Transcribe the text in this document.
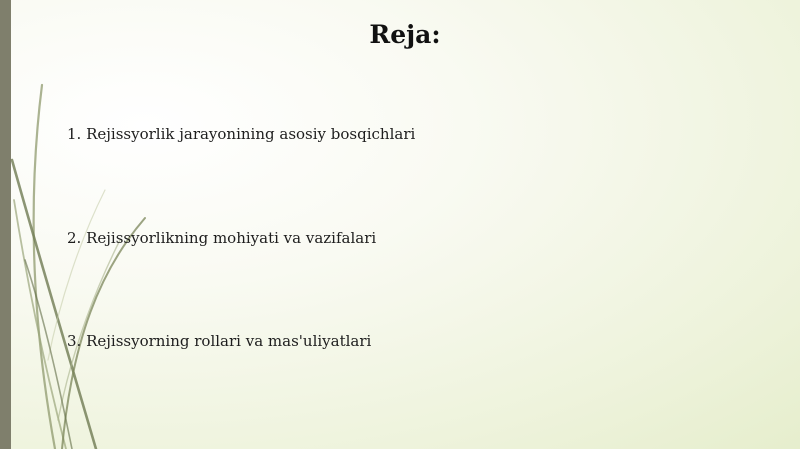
Reja:
1. Rejissyorlik jarayonining asosiy bosqichlari
2. Rejissyorlikning mohiyati va vazifalari
3. Rejissyorning rollari va mas'uliyatlari
